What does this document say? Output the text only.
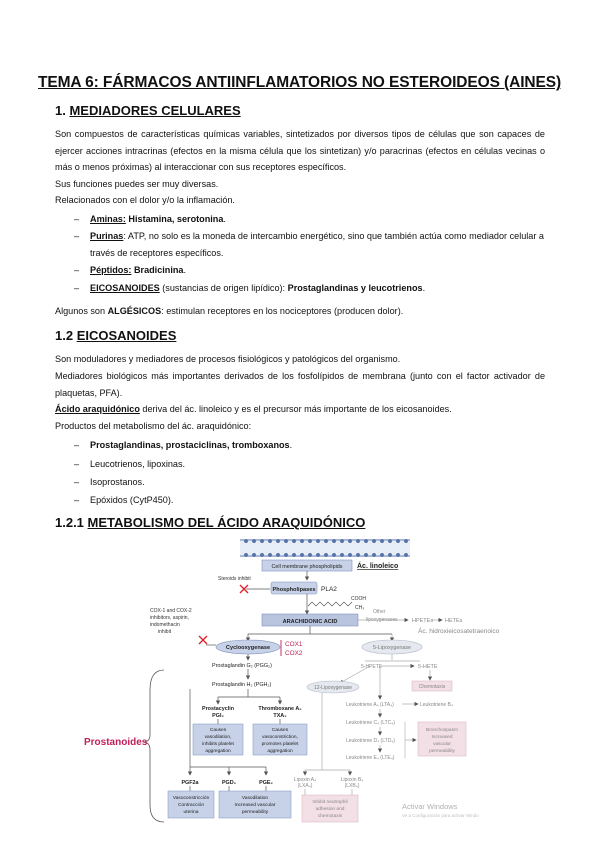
TEMA 6: FÁRMACOS ANTIINFLAMATORIOS NO ESTEROIDEOS (AINES)
1. MEDIADORES CELULARES
Son compuestos de características químicas variables, sintetizados por diversos tipos de células que son capaces de ejercer acciones intracrinas (efectos en la misma célula que los sintetizan) y/o paracrinas (efectos en células vecinas o más o menos próximas) al interaccionar con sus receptores específicos.
Sus funciones puedes ser muy diversas.
Relacionados con el dolor y/o la inflamación.
– Aminas: Histamina, serotonina.
– Purinas: ATP, no solo es la moneda de intercambio energético, sino que también actúa como mediador celular a través de receptores específicos.
– Péptidos: Bradicinina.
– EICOSANOIDES (sustancias de origen lipídico): Prostaglandinas y leucotrienos.
Algunos son ALGÉSICOS: estimulan receptores en los nociceptores (producen dolor).
1.2 EICOSANOIDES
Son moduladores y mediadores de procesos fisiológicos y patológicos del organismo.
Mediadores biológicos más importantes derivados de los fosfolípidos de membrana (junto con el factor activador de plaquetas, PFA).
Ácido araquidónico deriva del ác. linoleico y es el precursor más importante de los eicosanoides.
Productos del metabolismo del ác. araquidónico:
– Prostaglandinas, prostaciclinas, tromboxanos.
– Leucotrienos, lipoxinas.
– Isoprostanos.
– Epóxidos (CytP450).
1.2.1 METABOLISMO DEL ÁCIDO ARAQUIDÓNICO
Cell membrane phospholipids Ác. linoleico
Steroids inhibit
Phospholipases PLA2
COOH
CH₃
ARACHIDONIC ACID
Other
lipoxygenases	HPETEs HETEs
Ác. hidroxieicosatetraenoico
COX-1 and COX-2
inhibitors, aspirin,
indomethacin
inhibit
Cyclooxygenase COX1
COX2
5-Lipoxygenase
Prostaglandin G₂ (PGG₂)
Prostaglandin H₂ (PGH₂)
5-HPETE	5-HETE
Chemotaxis
12-Lipoxygenase
Leukotriene A₄ (LTA₄)	Leukotriene B₄
Leukotriene C₄ (LTC₄)
Leukotriene D₄ (LTD₄)
Leukotriene E₄ (LTE₄)
Bronchospasm
Increased
vascular
permeability
Lipoxin A₄
(LXA₄)
Lipoxin B₄
(LXB₄)
Inhibit neutrophil
adhesion and
chemotaxis
Prostacyclin
PGI₂
Thromboxane A₂
TXA₂
Causes
vasodilation,
inhibits platelet
aggregation
Causes
vasoconstriction,
promotes platelet
aggregation
Prostanoides
PGF2a	PGD₂	PGE₂
Vasoconstricción
Contracción
uterina
Vasodilation
Increased vascular
permeability
Activar Windows
Ve a Configuración para activar Windo
